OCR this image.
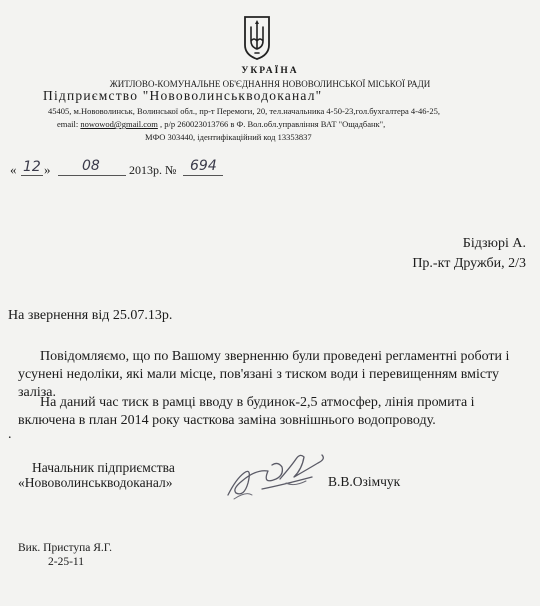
УКРАЇНА
ЖИТЛОВО-КОМУНАЛЬНЕ ОБ'ЄДНАННЯ НОВОВОЛИНСЬКОЇ МІСЬКОЇ РАДИ
Підприємство "Нововолинськводоканал"
45405, м.Нововолинськ, Волинської обл., пр-т Перемоги, 20, тел.начальника 4-50-23,гол.бухгалтера 4-46-25,
email: nowowod@gmail.com , р/р 260023013766 в Ф. Вол.обл.управління ВАТ "Ощадбанк",
МФО 303440, ідентифікаційний код 13353837
« 12 » 08 2013р. № 694
Бідзюрі А.
Пр.-кт Дружби, 2/3
На звернення від 25.07.13р.
Повідомляємо, що по Вашому зверненню були проведені регламентні роботи і усунені недоліки, які мали місце, пов'язані з тиском води і перевищенням вмісту заліза.
На даний час тиск в рамці вводу в будинок-2,5 атмосфер, лінія промита і включена в план 2014 року часткова заміна зовнішнього водопроводу.
.
Начальник підприємства
«Нововолинськводоканал»	В.В.Озімчук
Вик. Приступа Я.Г.
2-25-11
